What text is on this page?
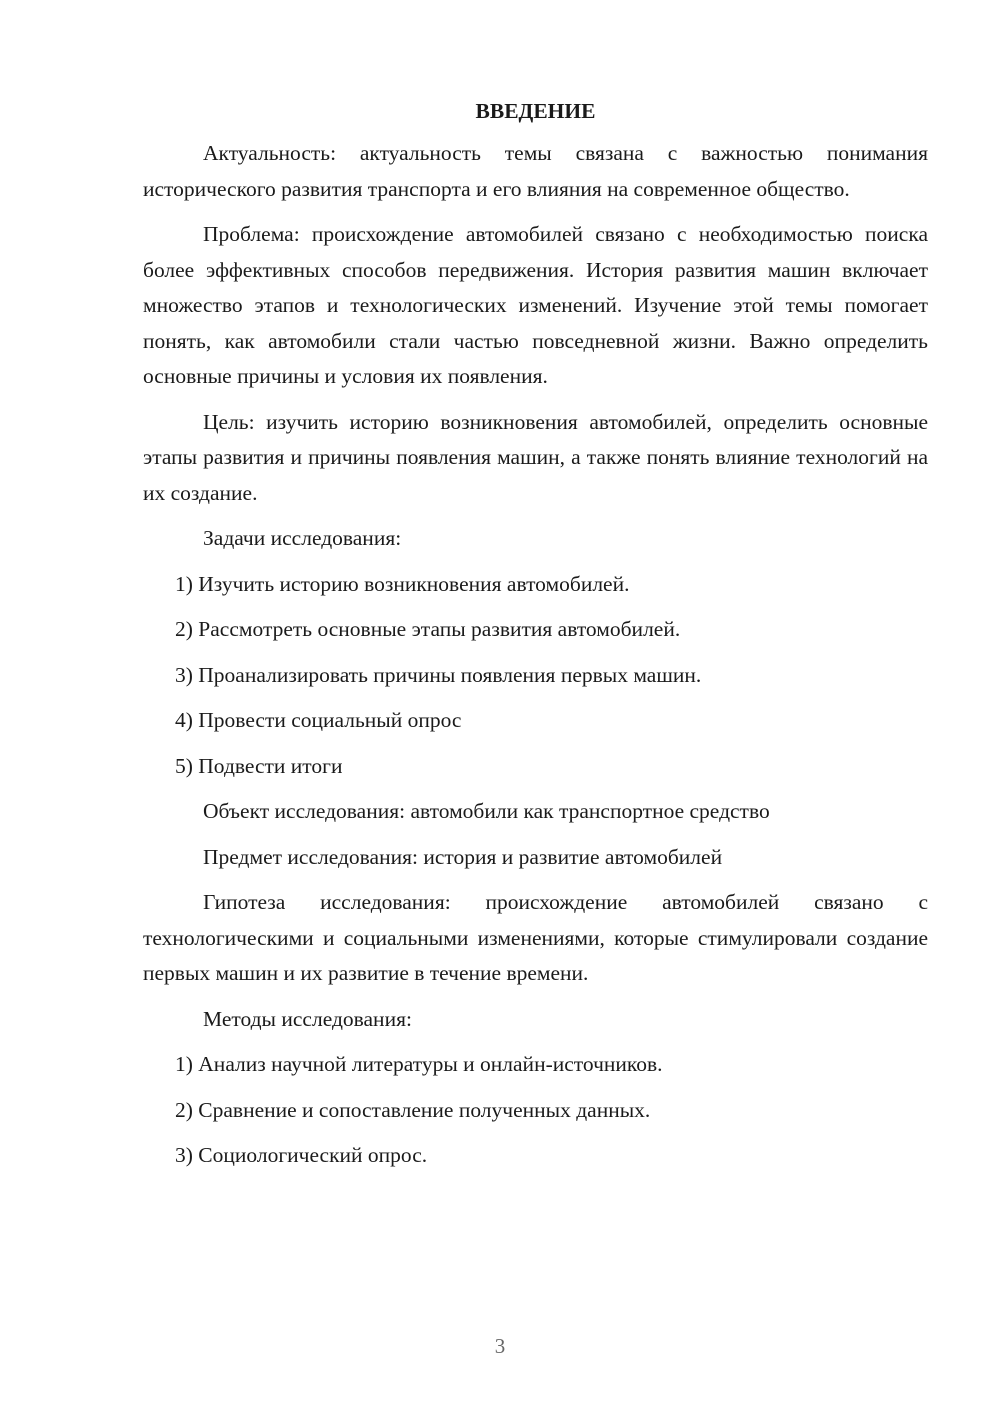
ВВЕДЕНИЕ

Актуальность: актуальность темы связана с важностью понимания исторического развития транспорта и его влияния на современное общество.

Проблема: происхождение автомобилей связано с необходимостью поиска более эффективных способов передвижения. История развития машин включает множество этапов и технологических изменений. Изучение этой темы помогает понять, как автомобили стали частью повседневной жизни. Важно определить основные причины и условия их появления.

Цель: изучить историю возникновения автомобилей, определить основные этапы развития и причины появления машин, а также понять влияние технологий на их создание.

Задачи исследования:

1) Изучить историю возникновения автомобилей.

2) Рассмотреть основные этапы развития автомобилей.

3) Проанализировать причины появления первых машин.

4) Провести социальный опрос

5) Подвести итоги

Объект исследования: автомобили как транспортное средство

Предмет исследования: история и развитие автомобилей

Гипотеза исследования: происхождение автомобилей связано с технологическими и социальными изменениями, которые стимулировали создание первых машин и их развитие в течение времени.

Методы исследования:

1) Анализ научной литературы и онлайн-источников.

2) Сравнение и сопоставление полученных данных.

3) Социологический опрос.

3
